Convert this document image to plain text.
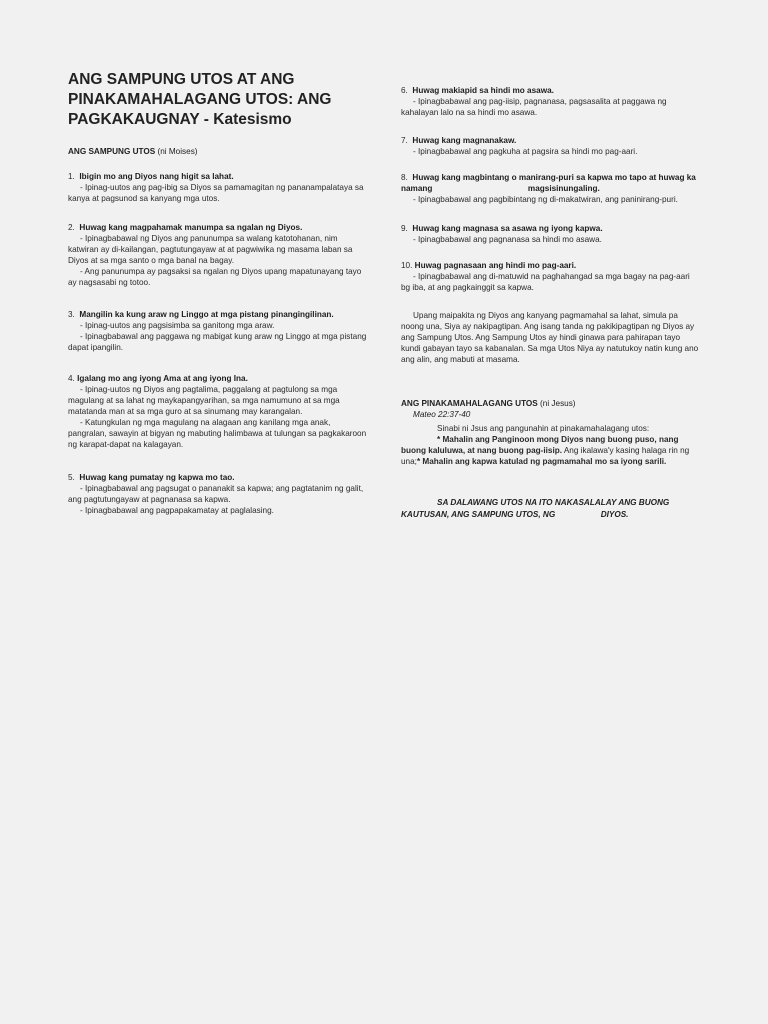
ANG SAMPUNG UTOS AT ANG PINAKAMAHALAGANG UTOS: ANG PAGKAKAUGNAY - Katesismo
ANG SAMPUNG UTOS (ni Moises)
1. Ibigin mo ang Diyos nang higit sa lahat.
- Ipinag-uutos ang pag-ibig sa Diyos sa pamamagitan ng pananampalataya sa kanya at pagsunod sa kanyang mga utos.
2. Huwag kang magpahamak manumpa sa ngalan ng Diyos.
- Ipinagbabawal ng Diyos ang panunumpa sa walang katotohanan, nim katwiran ay di-kailangan, pagtutungayaw at at pagwiwika ng masama laban sa Diyos at sa mga santo o mga banal na bagay.
- Ang panunumpa ay pagsaksi sa ngalan ng Diyos upang mapatunayang tayo ay nagsasabi ng totoo.
3. Mangilin ka kung araw ng Linggo at mga pistang pinangingilinan.
- Ipinag-uutos ang pagsisimba sa ganitong mga araw.
- Ipinagbabawal ang paggawa ng mabigat kung araw ng Linggo at mga pistang dapat ipangilin.
4. Igalang mo ang iyong Ama at ang iyong Ina.
- Ipinag-uutos ng Diyos ang pagtalima, paggalang at pagtulong sa mga magulang at sa lahat ng maykapangyarihan, sa mga namumuno at sa mga matatanda man at sa mga guro at sa sinumang may karangalan.
- Katungkulan ng mga magulang na alagaan ang kanilang mga anak, pangralan, sawayin at bigyan ng mabuting halimbawa at tulungan sa pagkakaroon ng karapat-dapat na kalagayan.
5. Huwag kang pumatay ng kapwa mo tao.
- Ipinagbabawal ang pagsugat o pananakit sa kapwa; ang pagtatanim ng galit, ang pagtutungayaw at pagnanasa sa kapwa.
- Ipinagbabawal ang pagpapakamatay at paglalasing.
6. Huwag makiapid sa hindi mo asawa.
- Ipinagbabawal ang pag-iisip, pagnanasa, pagsasalita at paggawa ng kahalayan lalo na sa hindi mo asawa.
7. Huwag kang magnanakaw.
- Ipinagbabawal ang pagkuha at pagsira sa hindi mo pag-aari.
8. Huwag kang magbintang o manirang-puri sa kapwa mo tapo at huwag ka namang                                          magsisinungaling.
- Ipinagbabawal ang pagbibintang ng di-makatwiran, ang paninirang-puri.
9. Huwag kang magnasa sa asawa ng iyong kapwa.
- Ipinagbabawal ang pagnanasa sa hindi mo asawa.
10. Huwag pagnasaan ang hindi mo pag-aari.
- Ipinagbabawal ang di-matuwid na paghahangad sa mga bagay na pag-aari bg iba, at ang pagkainggit sa kapwa.
Upang maipakita ng Diyos ang kanyang pagmamahal sa lahat, simula pa noong una, Siya ay nakipagtipan. Ang isang tanda ng pakikipagtipan ng Diyos ay ang Sampung Utos. Ang Sampung Utos ay hindi ginawa para pahirapan tayo kundi gabayan tayo sa kabanalan. Sa mga Utos Niya ay natutukoy natin kung ano ang alin, ang mabuti at masama.
ANG PINAKAMAHALAGANG UTOS (ni Jesus)
Mateo 22:37-40
Sinabi ni Jsus ang pangunahin at pinakamahalagang utos:
* Mahalin ang Panginoon mong Diyos nang buong puso, nang buong kaluluwa, at nang buong pag-iisip. Ang ikalawa'y kasing halaga rin ng una;* Mahalin ang kapwa katulad ng pagmamahal mo sa iyong sarili.
SA DALAWANG UTOS NA ITO NAKASALALAY ANG BUONG KAUTUSAN, ANG SAMPUNG UTOS, NG                    DIYOS.
